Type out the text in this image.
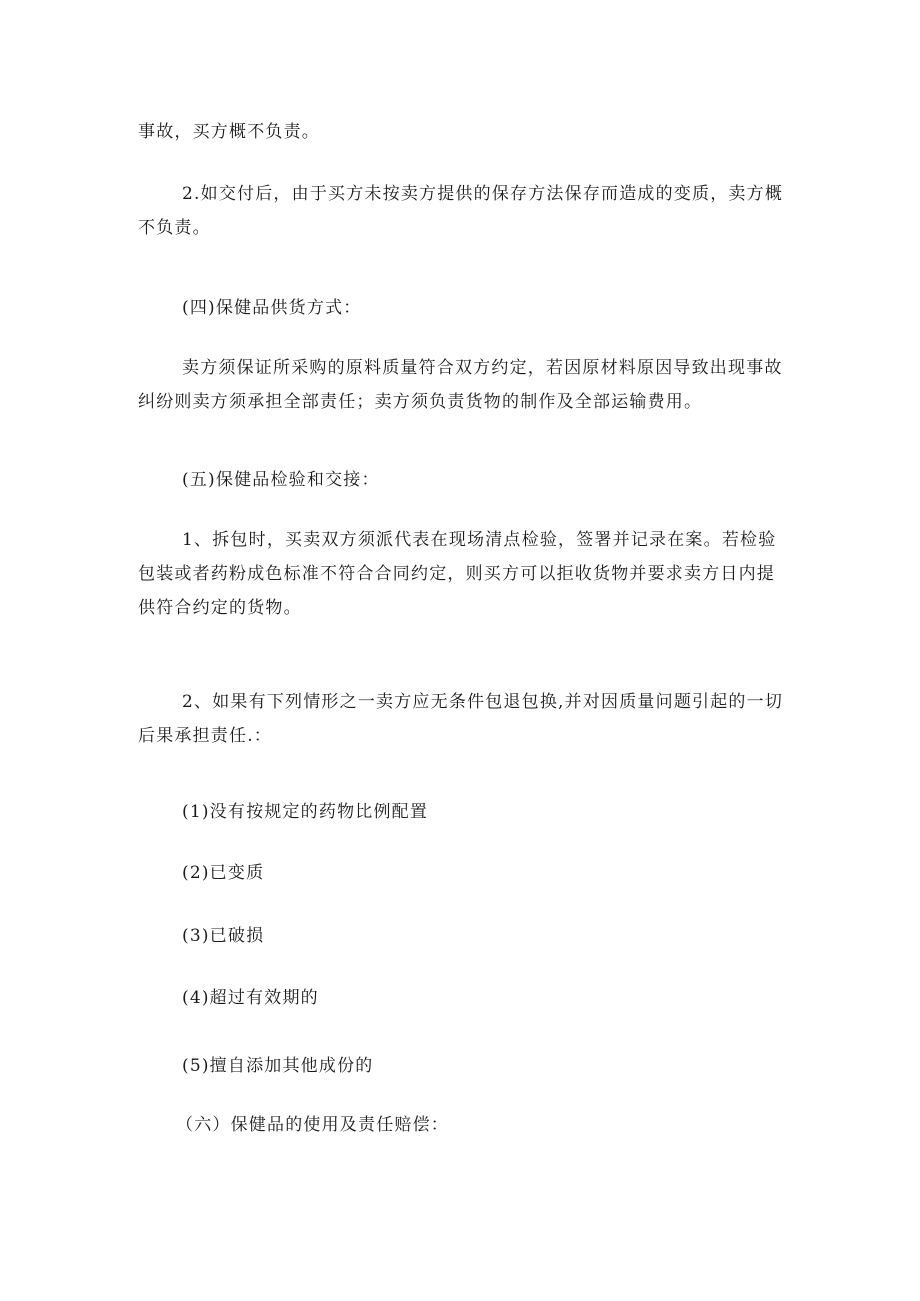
事故，买方概不负责。

2.如交付后，由于买方未按卖方提供的保存方法保存而造成的变质，卖方概不负责。

(四)保健品供货方式：

卖方须保证所采购的原料质量符合双方约定，若因原材料原因导致出现事故纠纷则卖方须承担全部责任；卖方须负责货物的制作及全部运输费用。

(五)保健品检验和交接：

1、拆包时，买卖双方须派代表在现场清点检验，签署并记录在案。若检验包装或者药粉成色标准不符合合同约定，则买方可以拒收货物并要求卖方日内提供符合约定的货物。

2、如果有下列情形之一卖方应无条件包退包换,并对因质量问题引起的一切后果承担责任.：

(1)没有按规定的药物比例配置

(2)已变质

(3)已破损

(4)超过有效期的

(5)擅自添加其他成份的

（六）保健品的使用及责任赔偿：
